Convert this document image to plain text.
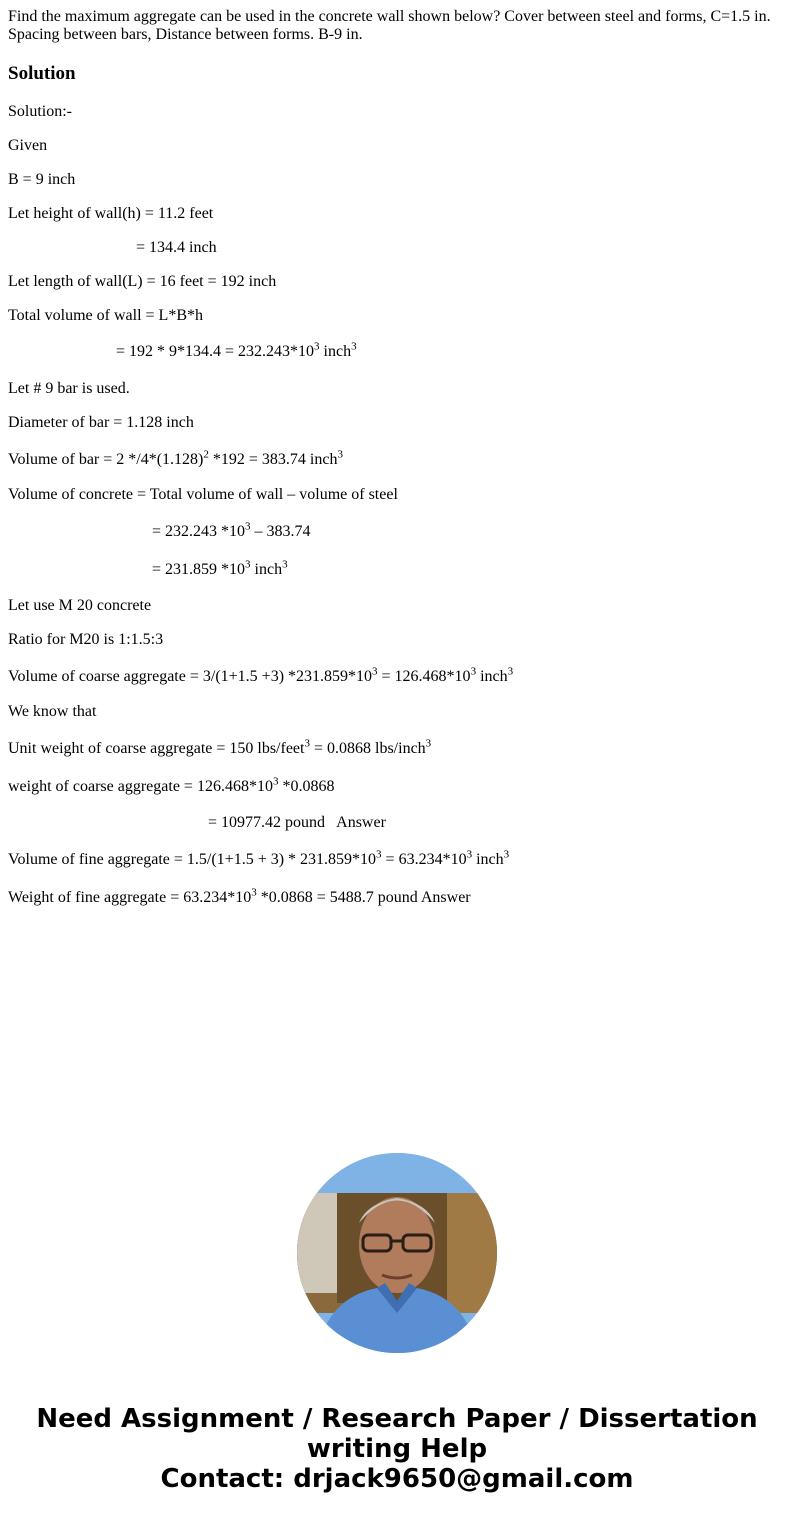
Find the maximum aggregate can be used in the concrete wall shown below? Cover between steel and forms, C=1.5 in. Spacing between bars, Distance between forms. B-9 in.

Solution
Solution:-
Given
B = 9 inch
Let height of wall(h) = 11.2 feet
= 134.4 inch
Let length of wall(L) = 16 feet = 192 inch
Total volume of wall = L*B*h
= $192 * 9*134.4 = 232.243*10^3$ inch$^3$
Let # 9 bar is used.
Diameter of bar = 1.128 inch
Volume of bar = 2 $*/4*(1.128)^2$ *192 = 383.74 inch$^3$
Volume of concrete = Total volume of wall – volume of steel
= 232.243 $*10^3 - 383.74$
= 231.859 $*10^3$ inch$^3$
Let use M 20 concrete
Ratio for M20 is 1:1.5:3
Volume of coarse aggregate = 3/(1+1.5 +3) $*231.859*10^3 = 126.468*10^3$ inch$^3$
We know that
Unit weight of coarse aggregate = 150 lbs/feet$^3$ = 0.0868 lbs/inch$^3$
weight of coarse aggregate = $126.468*10^3$ *0.0868
= 10977.42 pound   Answer
Volume of fine aggregate = $1.5/(1+1.5 + 3) * 231.859*10^3 = 63.234*10^3$ inch$^3$
Weight of fine aggregate = $63.234*10^3$ *0.0868 = 5488.7 pound Answer
Need Assignment / Research Paper / Dissertation
writing Help
Contact: drjack9650@gmail.com
